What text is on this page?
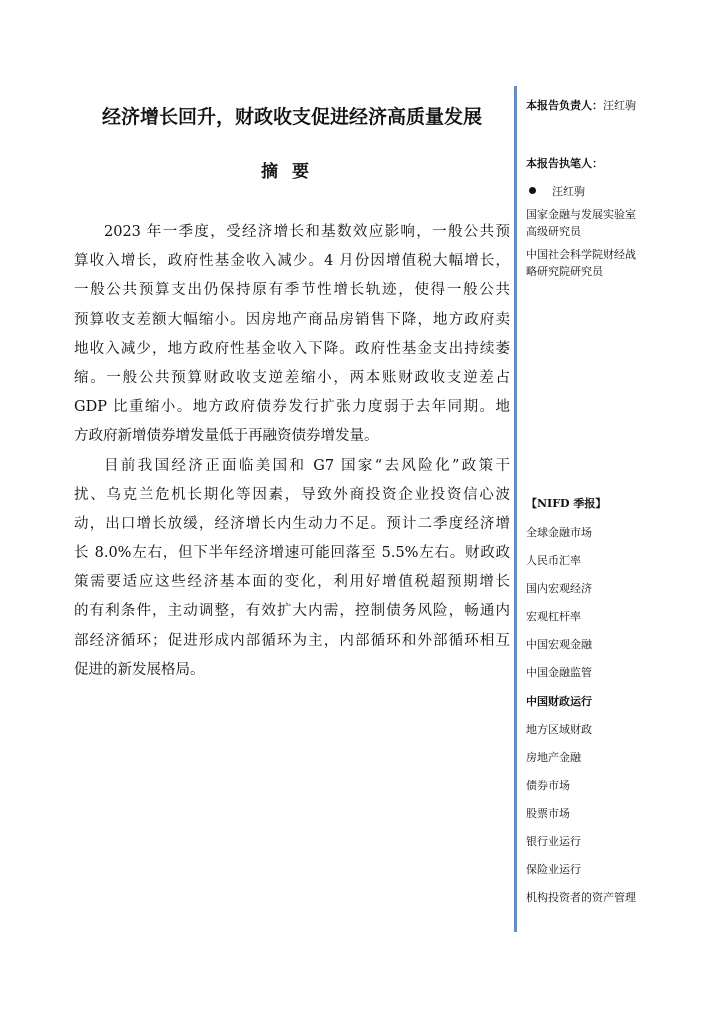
经济增长回升，财政收支促进经济高质量发展
摘要

2023 年一季度，受经济增长和基数效应影响，一般公共预
算收入增长，政府性基金收入减少。4 月份因增值税大幅增长，
一般公共预算支出仍保持原有季节性增长轨迹，使得一般公共
预算收支差额大幅缩小。因房地产商品房销售下降，地方政府卖
地收入减少，地方政府性基金收入下降。政府性基金支出持续萎
缩。一般公共预算财政收支逆差缩小，两本账财政收支逆差占
GDP 比重缩小。地方政府债券发行扩张力度弱于去年同期。地
方政府新增债券增发量低于再融资债券增发量。

目前我国经济正面临美国和 G7 国家“去风险化”政策干
扰、乌克兰危机长期化等因素，导致外商投资企业投资信心波
动，出口增长放缓，经济增长内生动力不足。预计二季度经济增
长 8.0%左右，但下半年经济增速可能回落至 5.5%左右。财政政
策需要适应这些经济基本面的变化，利用好增值税超预期增长
的有利条件，主动调整，有效扩大内需，控制债务风险，畅通内
部经济循环；促进形成内部循环为主，内部循环和外部循环相互
促进的新发展格局。

本报告负责人：汪红驹
本报告执笔人：
汪红驹
国家金融与发展实验室
高级研究员
中国社会科学院财经战
略研究院研究员
【NIFD 季报】
全球金融市场
人民币汇率
国内宏观经济
宏观杠杆率
中国宏观金融
中国金融监管
中国财政运行
地方区域财政
房地产金融
债券市场
股票市场
银行业运行
保险业运行
机构投资者的资产管理
